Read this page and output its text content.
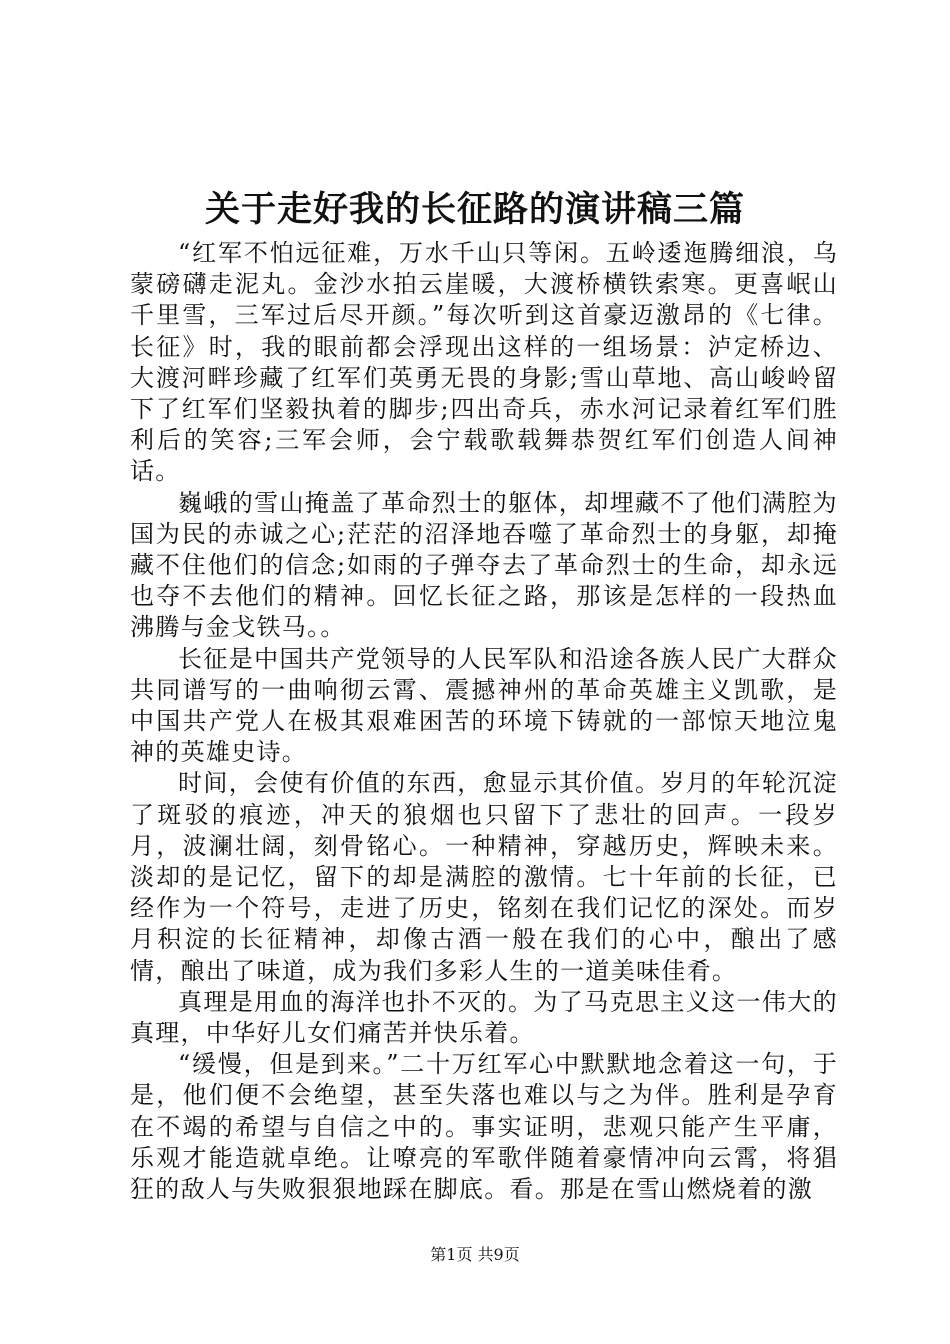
关于走好我的长征路的演讲稿三篇

“红军不怕远征难，万水千山只等闲。五岭逶迤腾细浪，乌蒙磅礴走泥丸。金沙水拍云崖暖，大渡桥横铁索寒。更喜岷山千里雪，三军过后尽开颜。”每次听到这首豪迈激昂的《七律。长征》时，我的眼前都会浮现出这样的一组场景：泸定桥边、大渡河畔珍藏了红军们英勇无畏的身影;雪山草地、高山峻岭留下了红军们坚毅执着的脚步;四出奇兵，赤水河记录着红军们胜利后的笑容;三军会师，会宁载歌载舞恭贺红军们创造人间神话。

巍峨的雪山掩盖了革命烈士的躯体，却埋藏不了他们满腔为国为民的赤诚之心;茫茫的沼泽地吞噬了革命烈士的身躯，却掩藏不住他们的信念;如雨的子弹夺去了革命烈士的生命，却永远也夺不去他们的精神。回忆长征之路，那该是怎样的一段热血沸腾与金戈铁马。。

长征是中国共产党领导的人民军队和沿途各族人民广大群众共同谱写的一曲响彻云霄、震撼神州的革命英雄主义凯歌，是中国共产党人在极其艰难困苦的环境下铸就的一部惊天地泣鬼神的英雄史诗。

时间，会使有价值的东西，愈显示其价值。岁月的年轮沉淀了斑驳的痕迹，冲天的狼烟也只留下了悲壮的回声。一段岁月，波澜壮阔，刻骨铭心。一种精神，穿越历史，辉映未来。淡却的是记忆，留下的却是满腔的激情。七十年前的长征，已经作为一个符号，走进了历史，铭刻在我们记忆的深处。而岁月积淀的长征精神，却像古酒一般在我们的心中，酿出了感情，酿出了味道，成为我们多彩人生的一道美味佳肴。

真理是用血的海洋也扑不灭的。为了马克思主义这一伟大的真理，中华好儿女们痛苦并快乐着。

“缓慢，但是到来。”二十万红军心中默默地念着这一句，于是，他们便不会绝望，甚至失落也难以与之为伴。胜利是孕育在不竭的希望与自信之中的。事实证明，悲观只能产生平庸，乐观才能造就卓绝。让嘹亮的军歌伴随着豪情冲向云霄，将猖狂的敌人与失败狠狠地踩在脚底。看。那是在雪山燃烧着的激

第1页 共9页
